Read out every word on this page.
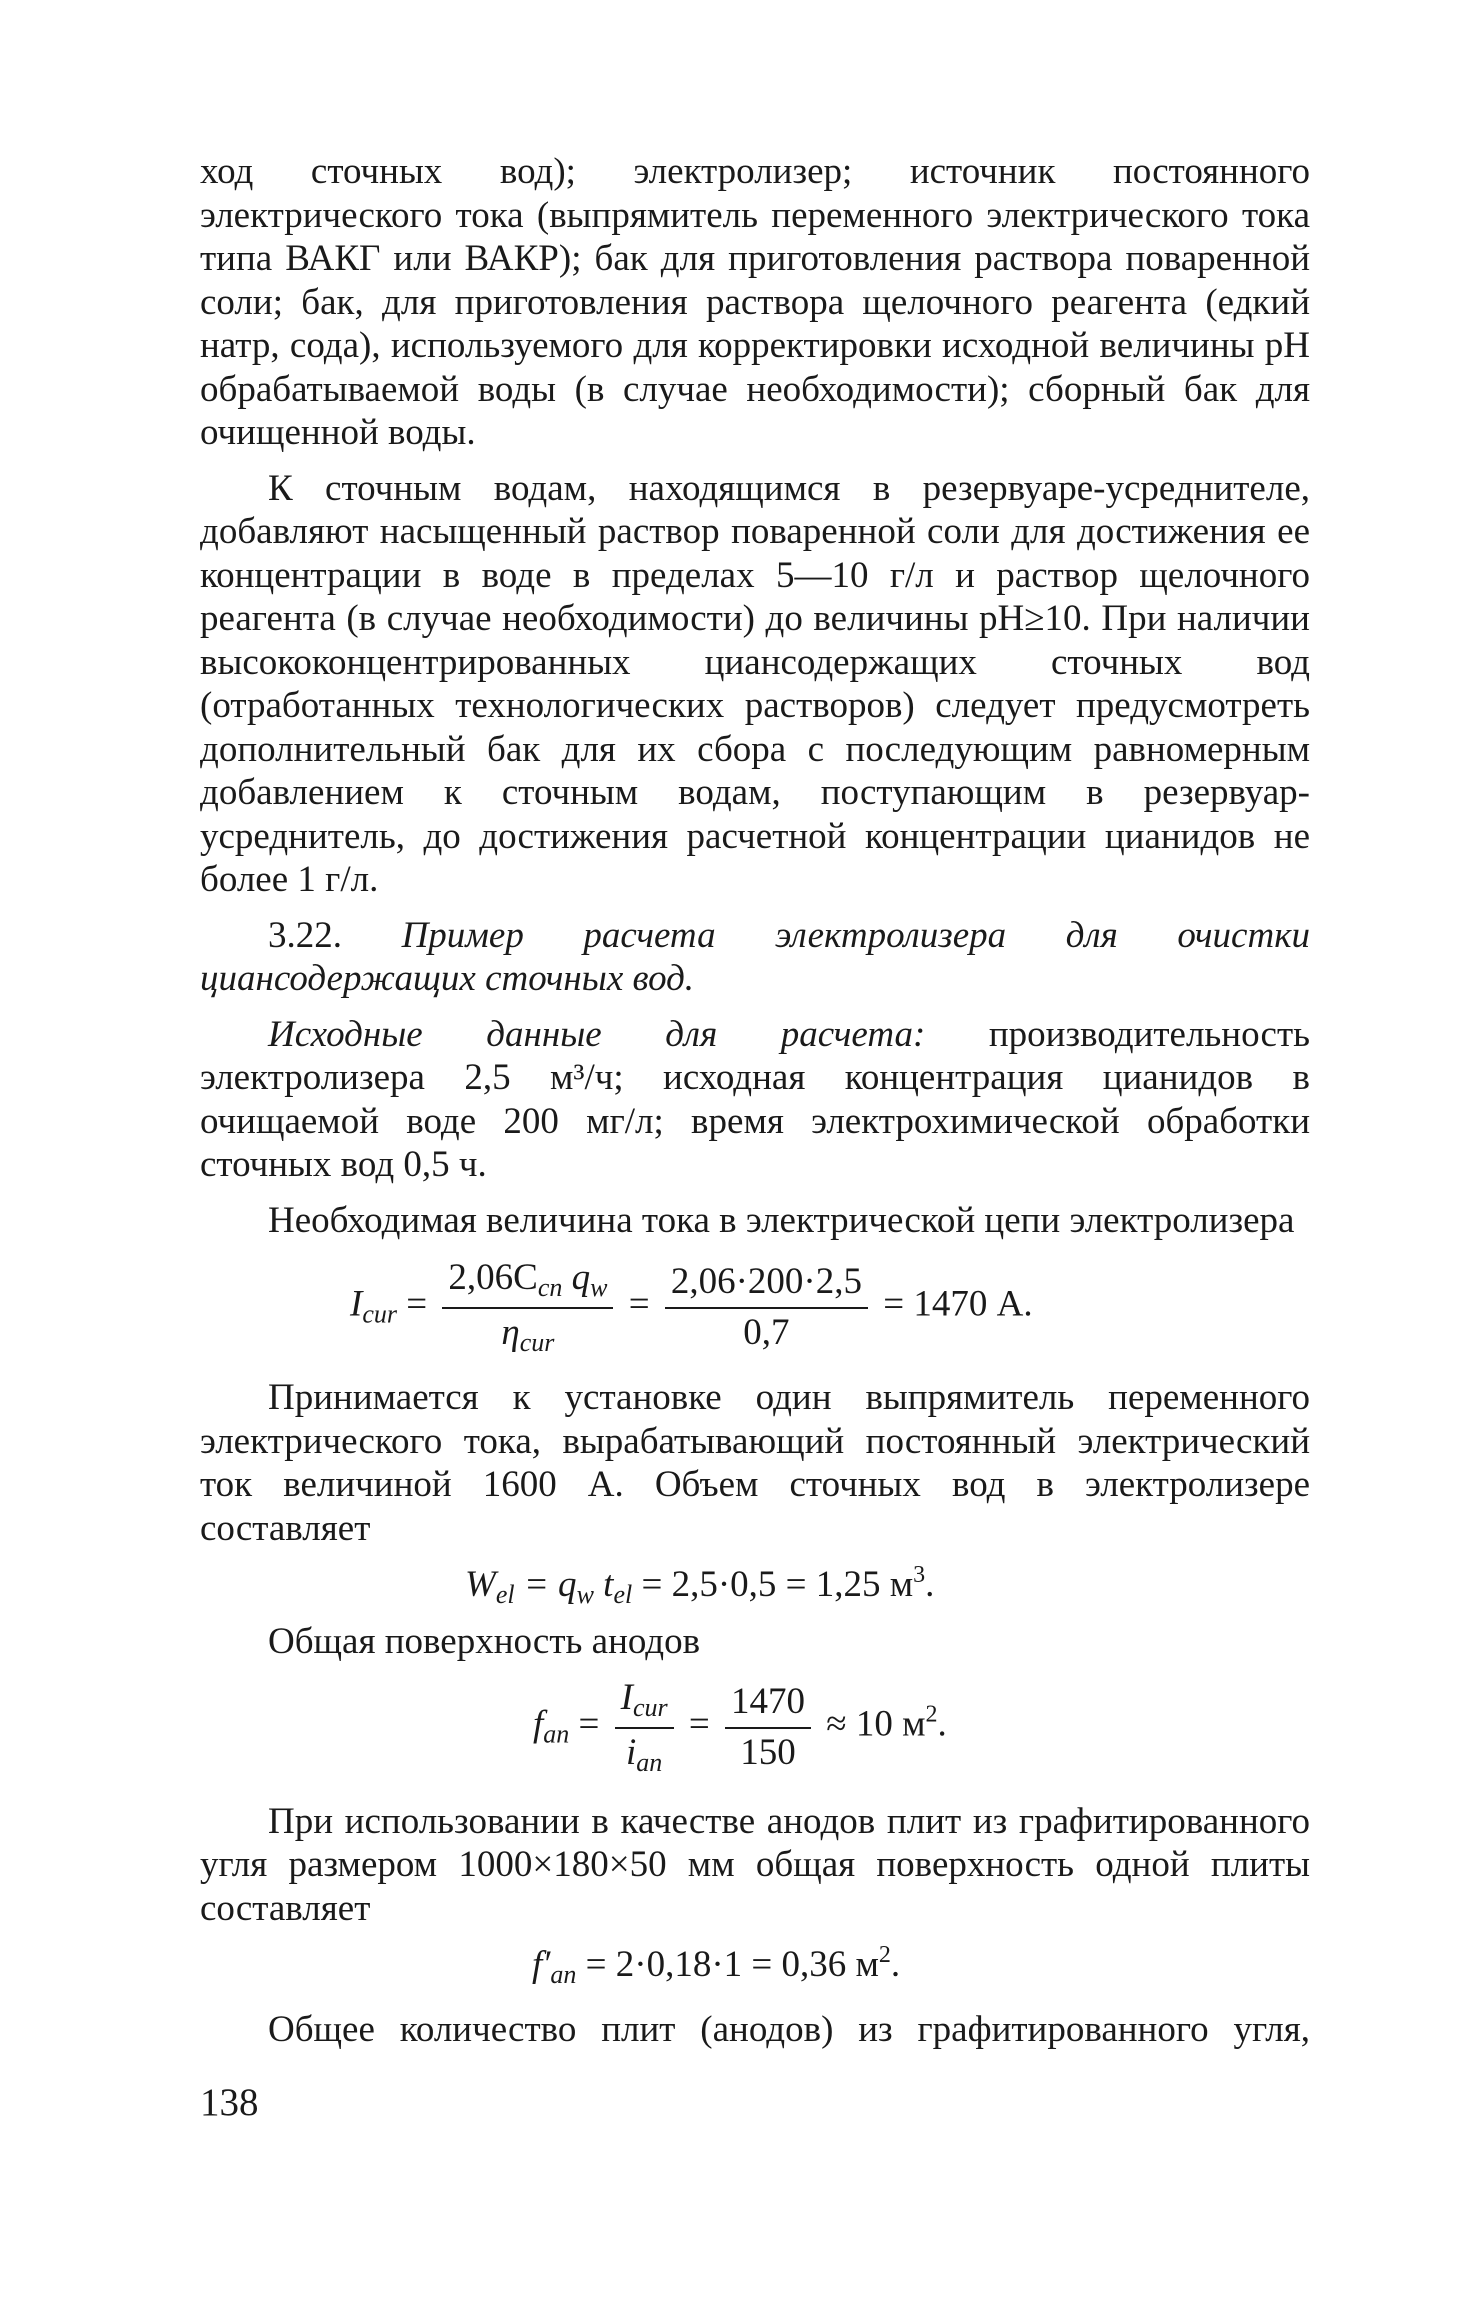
ход сточных вод); электролизер; источник постоянного электрического тока (выпрямитель переменного электрического тока типа ВАКГ или ВАКР); бак для приготовления раствора поваренной соли; бак, для приготовления раствора щелочного реагента (едкий натр, сода), используемого для корректировки исходной величины pH обрабатываемой воды (в случае необходимости); сборный бак для очищенной воды.

К сточным водам, находящимся в резервуаре-усреднителе, добавляют насыщенный раствор поваренной соли для достижения ее концентрации в воде в пределах 5—10 г/л и раствор щелочного реагента (в случае необходимости) до величины pH≥10. При наличии высококонцентрированных циансодержащих сточных вод (отработанных технологических растворов) следует предусмотреть дополнительный бак для их сбора с последующим равномерным добавлением к сточным водам, поступающим в резервуар-усреднитель, до достижения расчетной концентрации цианидов не более 1 г/л.

3.22. Пример расчета электролизера для очистки циансодержащих сточных вод.

Исходные данные для расчета: производительность электролизера 2,5 м³/ч; исходная концентрация цианидов в очищаемой воде 200 мг/л; время электрохимической обработки сточных вод 0,5 ч.

Необходимая величина тока в электрической цепи электролизера

$I_{cur} = \frac{2,06C_{cn} q_w}{\eta_{cur}} = \frac{2,06\cdot 200\cdot 2,5}{0,7} = 1470$ А.

Принимается к установке один выпрямитель переменного электрического тока, вырабатывающий постоянный электрический ток величиной 1600 А. Объем сточных вод в электролизере составляет

$W_{el} = q_w$ $t_{el} = 2,5\cdot 0,5 = 1,25$ $м^3$.

Общая поверхность анодов

$f_{an} = \frac{I_{cur}}{i_{an}} = \frac{1470}{150} \approx 10$ $м^2$.

При использовании в качестве анодов плит из графитированного угля размером 1000×180×50 мм общая поверхность одной плиты составляет

$f'_{an} = 2\cdot 0,18\cdot 1 = 0,36$ $м^2$.

Общее количество плит (анодов) из графитированного угля,

138
